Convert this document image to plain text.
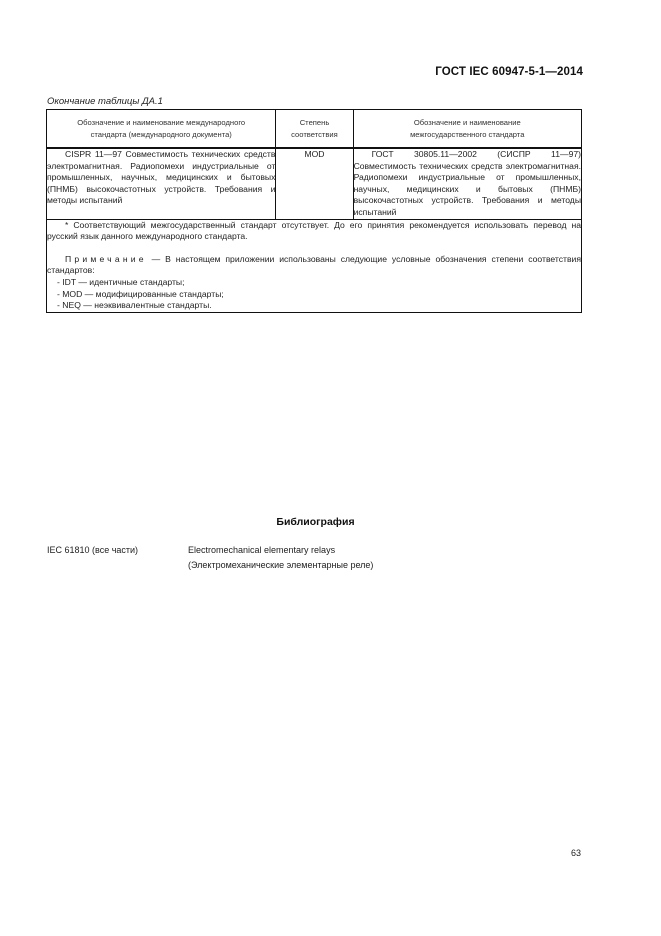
ГОСТ IEC 60947-5-1—2014
Окончание таблицы ДА.1
Обозначение и наименование международного стандарта (международного документа)	Степень соответствия	Обозначение и наименование межгосударственного стандарта
CISPR 11—97 Совместимость технических средств электромагнитная. Радиопомехи индустриальные от промышленных, научных, медицинских и бытовых (ПНМБ) высокочастотных устройств. Требования и методы испытаний	MOD	ГОСТ 30805.11—2002 (СИСПР 11—97) Совместимость технических средств электромагнитная. Радиопомехи индустриальные от промышленных, научных, медицинских и бытовых (ПНМБ) высокочастотных устройств. Требования и методы испытаний

* Соответствующий межгосударственный стандарт отсутствует. До его принятия рекомендуется использовать перевод на русский язык данного международного стандарта.

Примечание — В настоящем приложении использованы следующие условные обозначения степени соответствия стандартов:

- IDT — идентичные стандарты;
- MOD — модифицированные стандарты;
- NEQ — неэквивалентные стандарты.
Библиография
IEC 61810 (все части)	Electromechanical elementary relays
(Электромеханические элементарные реле)
63
